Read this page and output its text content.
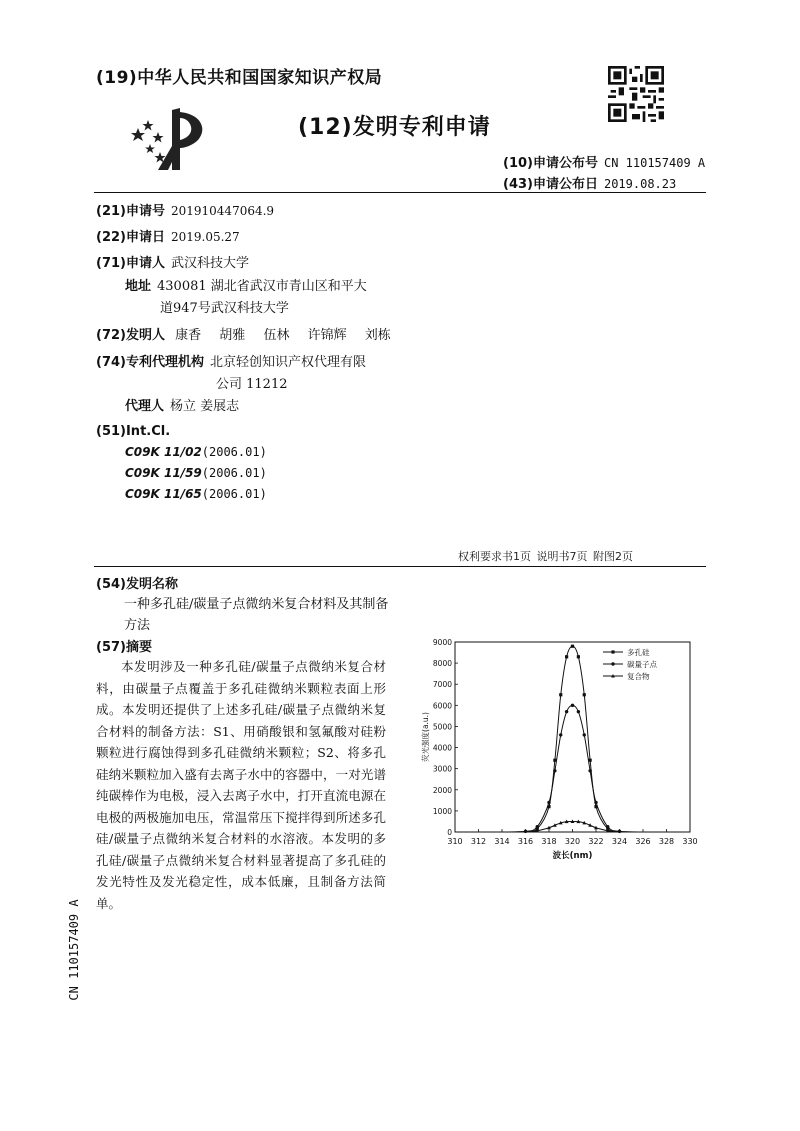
(19)中华人民共和国国家知识产权局
(12)发明专利申请
(10)申请公布号 CN 110157409 A
(43)申请公布日 2019.08.23
(21)申请号 201910447064.9
(22)申请日 2019.05.27
(71)申请人 武汉科技大学
地址 430081 湖北省武汉市青山区和平大
道947号武汉科技大学
(72)发明人 康香 胡雅 伍林 许锦辉 刘栋
(74)专利代理机构 北京轻创知识产权代理有限
公司 11212
代理人 杨立 姜展志
(51)Int.Cl.
C09K 11/02(2006.01)
C09K 11/59(2006.01)
C09K 11/65(2006.01)
权利要求书1页 说明书7页 附图2页
(54)发明名称
一种多孔硅/碳量子点微纳米复合材料及其制备方法
(57)摘要
本发明涉及一种多孔硅/碳量子点微纳米复合材料，由碳量子点覆盖于多孔硅微纳米颗粒表面上形成。本发明还提供了上述多孔硅/碳量子点微纳米复合材料的制备方法：S1、用硝酸银和氢氟酸对硅粉颗粒进行腐蚀得到多孔硅微纳米颗粒；S2、将多孔硅纳米颗粒加入盛有去离子水中的容器中，一对光谱纯碳棒作为电极，浸入去离子水中，打开直流电源在电极的两极施加电压，常温常压下搅拌得到所述多孔硅/碳量子点微纳米复合材料的水溶液。本发明的多孔硅/碳量子点微纳米复合材料显著提高了多孔硅的发光特性及发光稳定性，成本低廉，且制备方法简单。
CN 110157409 A
310 312 314 316 318 320 322 324 326 328 330
0
1000
2000
3000
4000
5000
6000
7000
8000
9000
波长(nm)
荧光强度(a.u.)
多孔硅
碳量子点
复合物
